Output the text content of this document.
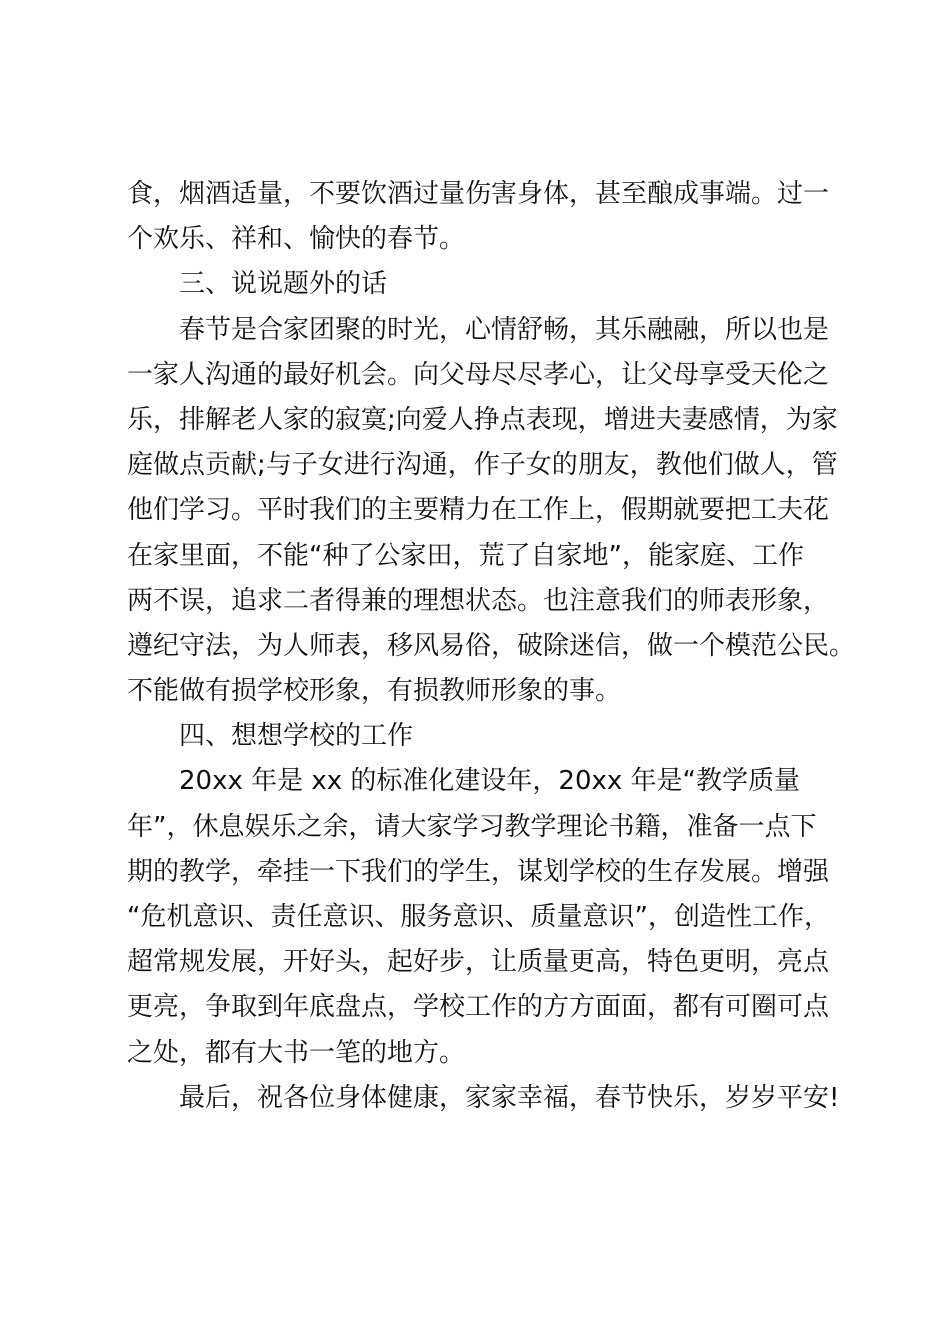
食，烟酒适量，不要饮酒过量伤害身体，甚至酿成事端。过一
个欢乐、祥和、愉快的春节。
三、说说题外的话
春节是合家团聚的时光，心情舒畅，其乐融融，所以也是
一家人沟通的最好机会。向父母尽尽孝心，让父母享受天伦之
乐，排解老人家的寂寞;向爱人挣点表现，增进夫妻感情，为家
庭做点贡献;与子女进行沟通，作子女的朋友，教他们做人，管
他们学习。平时我们的主要精力在工作上，假期就要把工夫花
在家里面，不能“种了公家田，荒了自家地”，能家庭、工作
两不误，追求二者得兼的理想状态。也注意我们的师表形象，
遵纪守法，为人师表，移风易俗，破除迷信，做一个模范公民。
不能做有损学校形象，有损教师形象的事。
四、想想学校的工作
20xx 年是 xx 的标准化建设年，20xx 年是“教学质量
年”，休息娱乐之余，请大家学习教学理论书籍，准备一点下
期的教学，牵挂一下我们的学生，谋划学校的生存发展。增强
“危机意识、责任意识、服务意识、质量意识”，创造性工作，
超常规发展，开好头，起好步，让质量更高，特色更明，亮点
更亮，争取到年底盘点，学校工作的方方面面，都有可圈可点
之处，都有大书一笔的地方。
最后，祝各位身体健康，家家幸福，春节快乐，岁岁平安!
